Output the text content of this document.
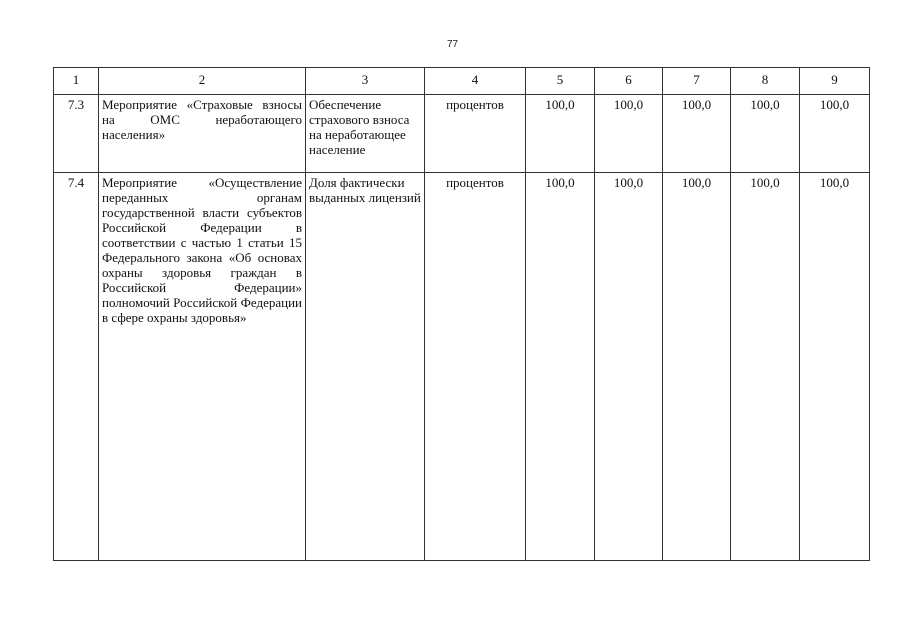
77
1	2	3	4	5	6	7	8	9
7.3	Мероприятие «Страховые взносы на ОМС неработающего населения»	Обеспечение страхового взноса на неработающее население	процентов	100,0	100,0	100,0	100,0	100,0
7.4	Мероприятие «Осуществление переданных органам государственной власти субъектов Российской Федерации в соответствии с частью 1 статьи 15 Федерального закона «Об основах охраны здоровья граждан в Российской Федерации» полномочий Российской Федерации в сфере охраны здоровья»	Доля фактически выданных лицензий	процентов	100,0	100,0	100,0	100,0	100,0
